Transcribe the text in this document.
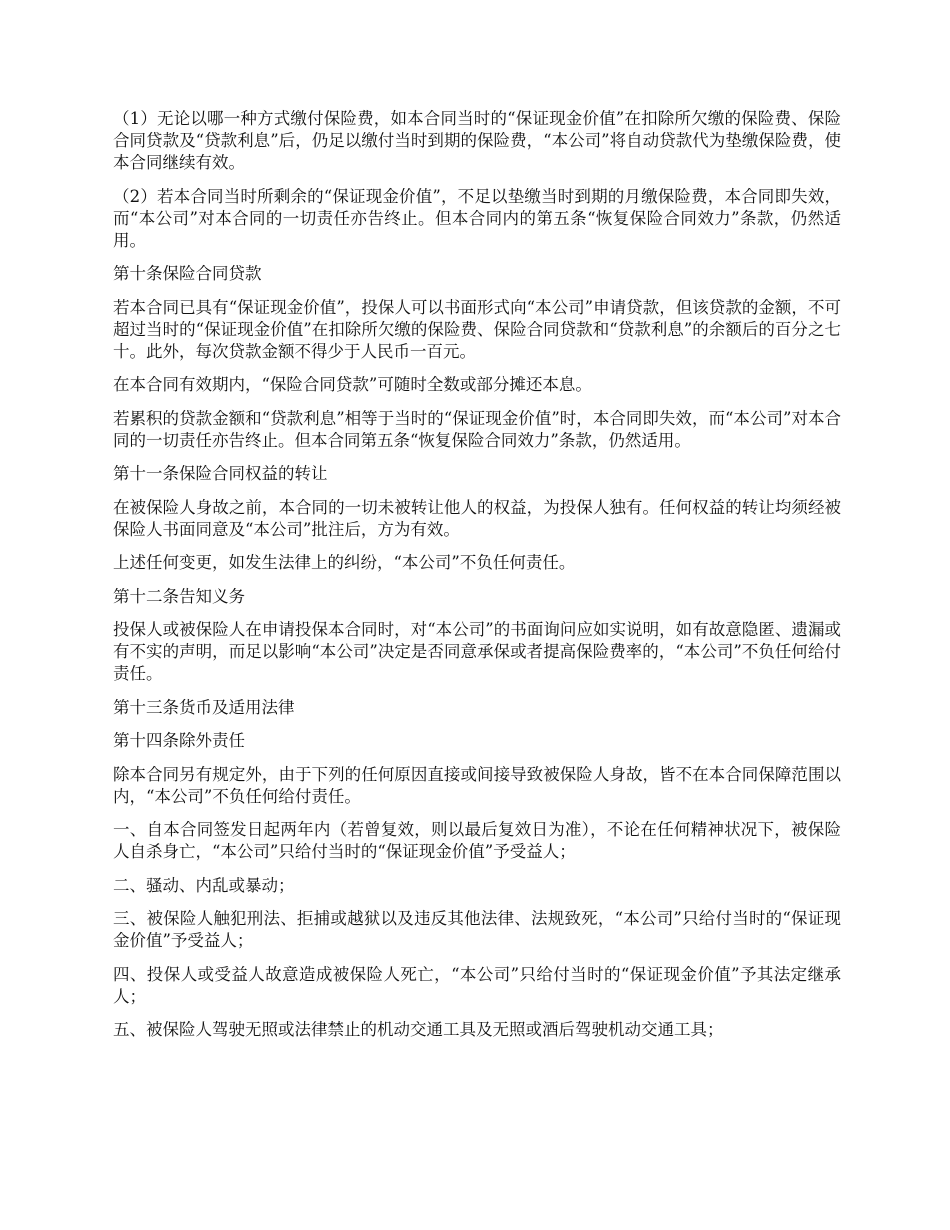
（1）无论以哪一种方式缴付保险费，如本合同当时的“保证现金价值”在扣除所欠缴的保险费、保险合同贷款及“贷款利息”后，仍足以缴付当时到期的保险费，“本公司”将自动贷款代为垫缴保险费，使本合同继续有效。

（2）若本合同当时所剩余的“保证现金价值”，不足以垫缴当时到期的月缴保险费，本合同即失效，而“本公司”对本合同的一切责任亦告终止。但本合同内的第五条“恢复保险合同效力”条款，仍然适用。

第十条保险合同贷款

若本合同已具有“保证现金价值”，投保人可以书面形式向“本公司”申请贷款，但该贷款的金额，不可超过当时的“保证现金价值”在扣除所欠缴的保险费、保险合同贷款和“贷款利息”的余额后的百分之七十。此外，每次贷款金额不得少于人民币一百元。

在本合同有效期内，“保险合同贷款”可随时全数或部分摊还本息。

若累积的贷款金额和“贷款利息”相等于当时的“保证现金价值”时，本合同即失效，而“本公司”对本合同的一切责任亦告终止。但本合同第五条“恢复保险合同效力”条款，仍然适用。

第十一条保险合同权益的转让

在被保险人身故之前，本合同的一切未被转让他人的权益，为投保人独有。任何权益的转让均须经被保险人书面同意及“本公司”批注后，方为有效。

上述任何变更，如发生法律上的纠纷，“本公司”不负任何责任。

第十二条告知义务

投保人或被保险人在申请投保本合同时，对“本公司”的书面询问应如实说明，如有故意隐匿、遗漏或有不实的声明，而足以影响“本公司”决定是否同意承保或者提高保险费率的，“本公司”不负任何给付责任。

第十三条货币及适用法律

第十四条除外责任

除本合同另有规定外，由于下列的任何原因直接或间接导致被保险人身故，皆不在本合同保障范围以内，“本公司”不负任何给付责任。

一、自本合同签发日起两年内（若曾复效，则以最后复效日为准），不论在任何精神状况下，被保险人自杀身亡，“本公司”只给付当时的“保证现金价值”予受益人；

二、骚动、内乱或暴动；

三、被保险人触犯刑法、拒捕或越狱以及违反其他法律、法规致死，“本公司”只给付当时的“保证现金价值”予受益人；

四、投保人或受益人故意造成被保险人死亡，“本公司”只给付当时的“保证现金价值”予其法定继承人；

五、被保险人驾驶无照或法律禁止的机动交通工具及无照或酒后驾驶机动交通工具；
